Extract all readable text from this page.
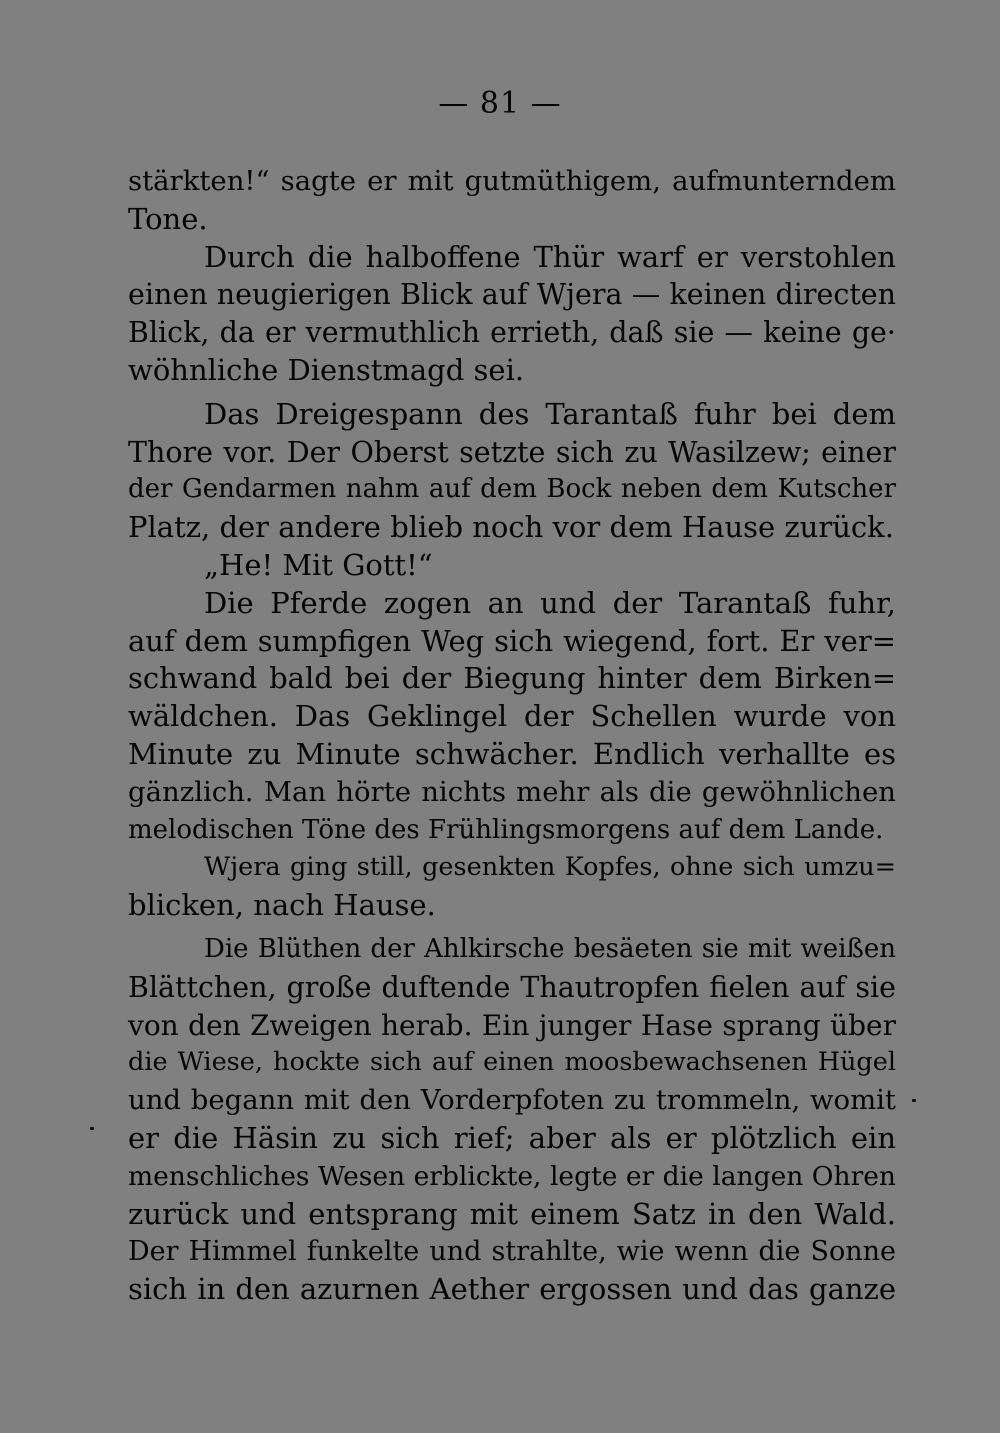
— 81 —
stärkten!“ sagte er mit gutmüthigem, aufmunterndem
Tone.
Durch die halboffene Thür warf er verstohlen
einen neugierigen Blick auf Wjera — keinen directen
Blick, da er vermuthlich errieth, daß sie — keine ge·
wöhnliche Dienstmagd sei.
Das Dreigespann des Tarantaß fuhr bei dem
Thore vor. Der Oberst setzte sich zu Wasilzew; einer
der Gendarmen nahm auf dem Bock neben dem Kutscher
Platz, der andere blieb noch vor dem Hause zurück.
„He! Mit Gott!“
Die Pferde zogen an und der Tarantaß fuhr,
auf dem sumpfigen Weg sich wiegend, fort. Er ver=
schwand bald bei der Biegung hinter dem Birken=
wäldchen. Das Geklingel der Schellen wurde von
Minute zu Minute schwächer. Endlich verhallte es
gänzlich. Man hörte nichts mehr als die gewöhnlichen
melodischen Töne des Frühlingsmorgens auf dem Lande.
Wjera ging still, gesenkten Kopfes, ohne sich umzu=
blicken, nach Hause.
Die Blüthen der Ahlkirsche besäeten sie mit weißen
Blättchen, große duftende Thautropfen fielen auf sie
von den Zweigen herab. Ein junger Hase sprang über
die Wiese, hockte sich auf einen moosbewachsenen Hügel
und begann mit den Vorderpfoten zu trommeln, womit
er die Häsin zu sich rief; aber als er plötzlich ein
menschliches Wesen erblickte, legte er die langen Ohren
zurück und entsprang mit einem Satz in den Wald.
Der Himmel funkelte und strahlte, wie wenn die Sonne
sich in den azurnen Aether ergossen und das ganze
